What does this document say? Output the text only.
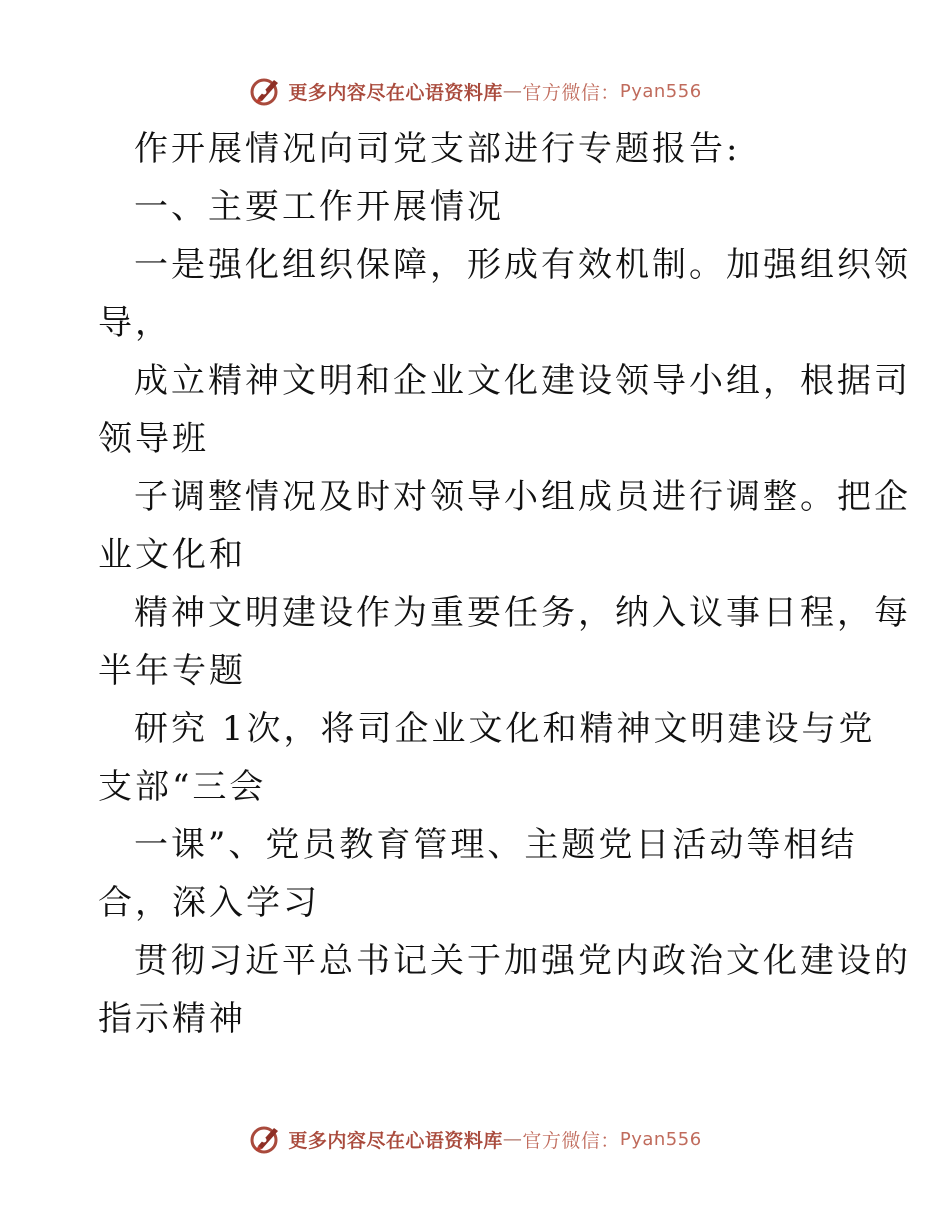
更多内容尽在心语资料库 — 官方微信： Pyan556
作开展情况向司党支部进行专题报告:
一、主要工作开展情况
一是强化组织保障，形成有效机制。加强组织领
导，
成立精神文明和企业文化建设领导小组，根据司
领导班
子调整情况及时对领导小组成员进行调整。把企
业文化和
精神文明建设作为重要任务，纳入议事日程，每
半年专题
研究 1次，将司企业文化和精神文明建设与党
支部“三会
一课”、党员教育管理、主题党日活动等相结
合，深入学习
贯彻习近平总书记关于加强党内政治文化建设的
指示精神
更多内容尽在心语资料库 — 官方微信： Pyan556
